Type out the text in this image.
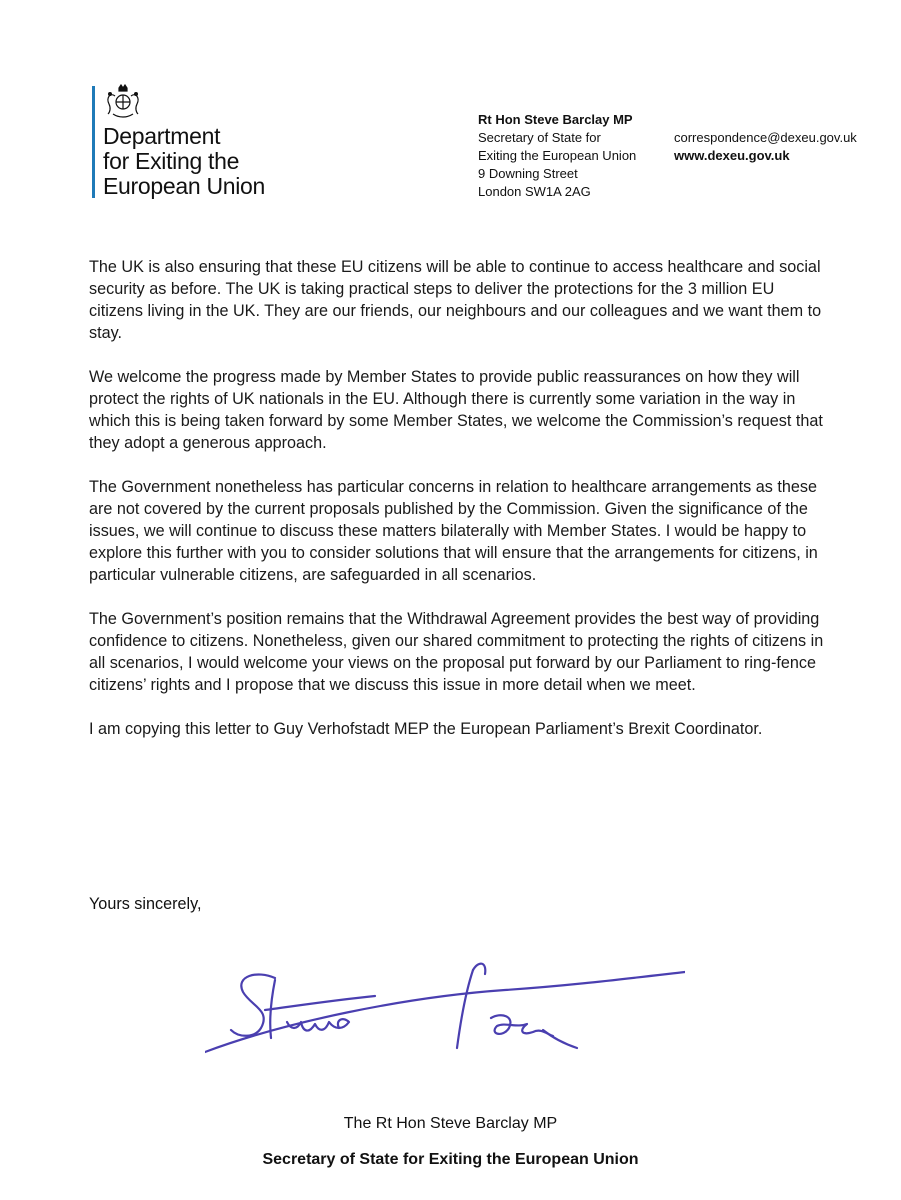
Department
for Exiting the
European Union
Rt Hon Steve Barclay MP
Secretary of State for
Exiting the European Union
9 Downing Street
London SW1A 2AG
correspondence@dexeu.gov.uk
www.dexeu.gov.uk

The UK is also ensuring that these EU citizens will be able to continue to access healthcare and social security as before. The UK is taking practical steps to deliver the protections for the 3 million EU citizens living in the UK. They are our friends, our neighbours and our colleagues and we want them to stay.

We welcome the progress made by Member States to provide public reassurances on how they will protect the rights of UK nationals in the EU. Although there is currently some variation in the way in which this is being taken forward by some Member States, we welcome the Commission’s request that they adopt a generous approach.

The Government nonetheless has particular concerns in relation to healthcare arrangements as these are not covered by the current proposals published by the Commission. Given the significance of the issues, we will continue to discuss these matters bilaterally with Member States. I would be happy to explore this further with you to consider solutions that will ensure that the arrangements for citizens, in particular vulnerable citizens, are safeguarded in all scenarios.

The Government’s position remains that the Withdrawal Agreement provides the best way of providing confidence to citizens. Nonetheless, given our shared commitment to protecting the rights of citizens in all scenarios, I would welcome your views on the proposal put forward by our Parliament to ring-fence citizens’ rights and I propose that we discuss this issue in more detail when we meet.

I am copying this letter to Guy Verhofstadt MEP the European Parliament’s Brexit Coordinator.

Yours sincerely,
The Rt Hon Steve Barclay MP
Secretary of State for Exiting the European Union
